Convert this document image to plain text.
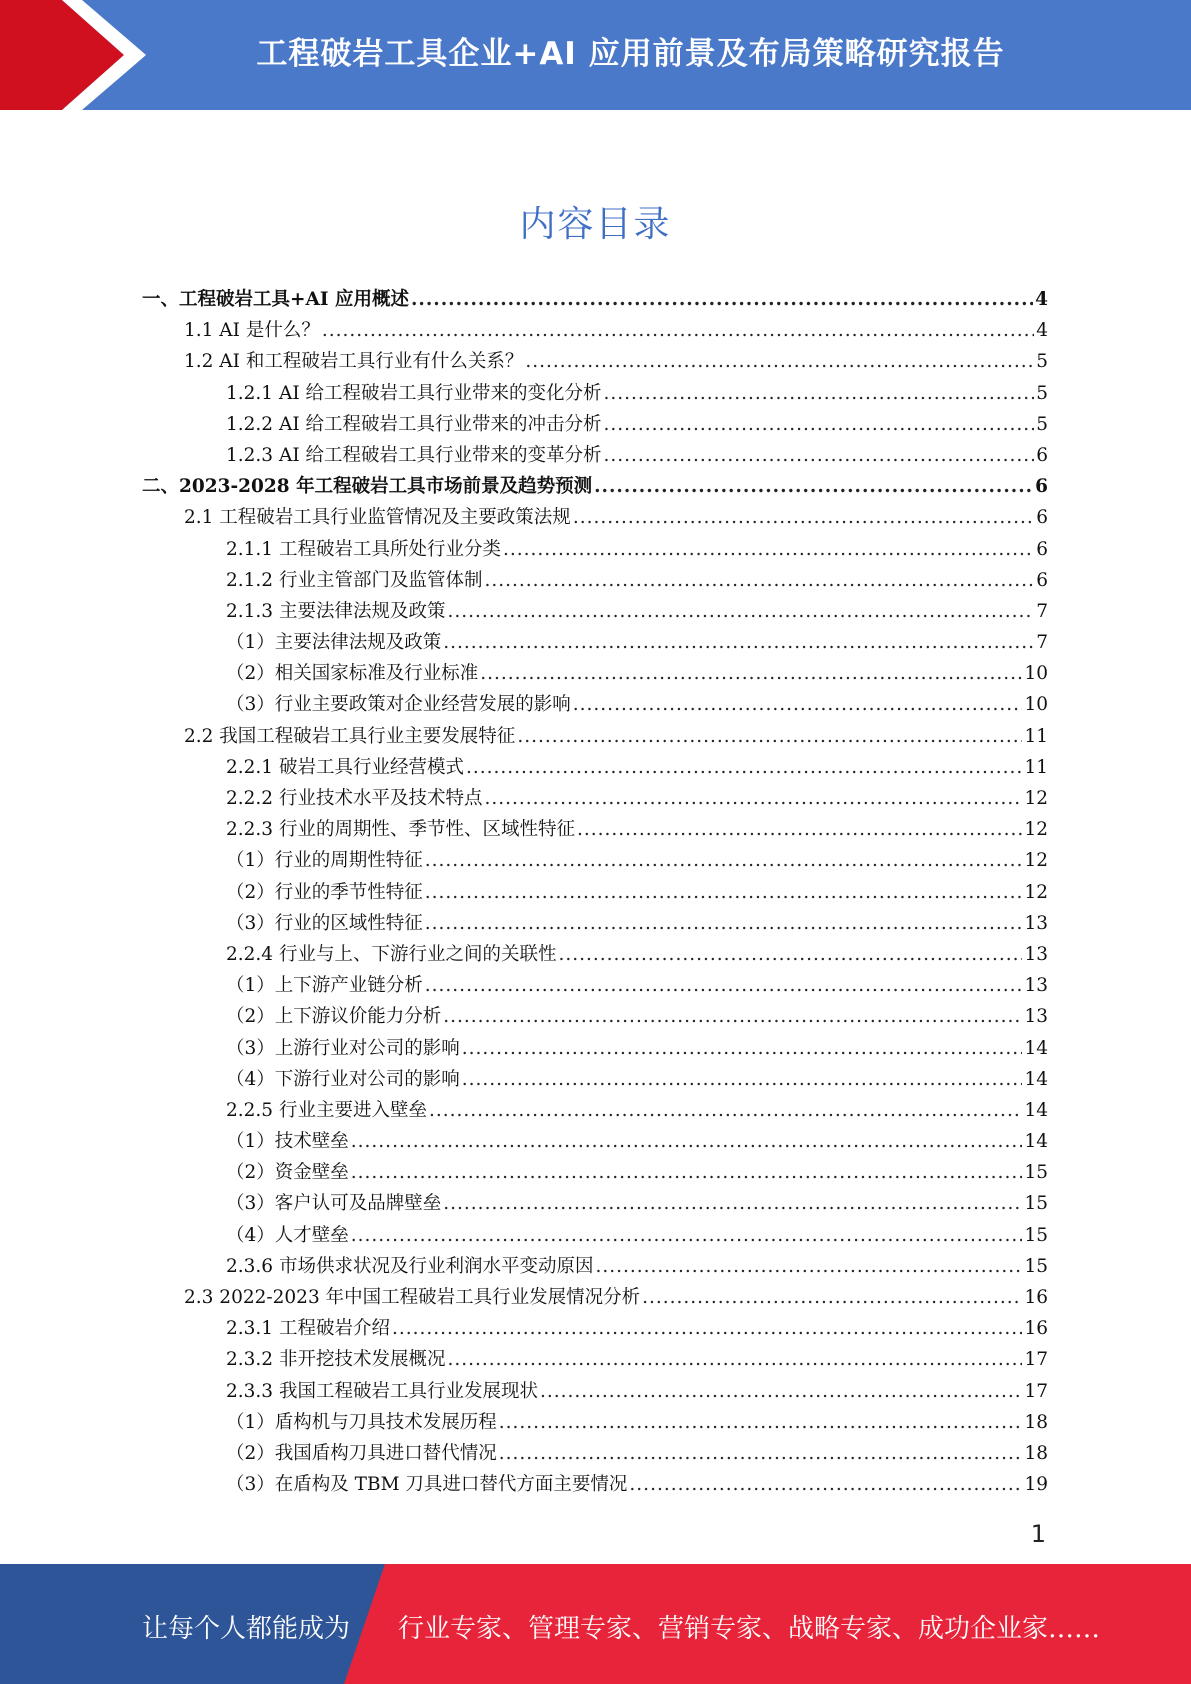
工程破岩工具企业+AI 应用前景及布局策略研究报告
内容目录
一、工程破岩工具+AI 应用概述 .....	4
1.1 AI 是什么？ .....	4
1.2 AI 和工程破岩工具行业有什么关系？ .....	5
1.2.1 AI 给工程破岩工具行业带来的变化分析 .....	5
1.2.2 AI 给工程破岩工具行业带来的冲击分析 .....	5
1.2.3 AI 给工程破岩工具行业带来的变革分析 .....	6
二、2023-2028 年工程破岩工具市场前景及趋势预测 .....	6
2.1 工程破岩工具行业监管情况及主要政策法规 .....	6
2.1.1 工程破岩工具所处行业分类 .....	6
2.1.2 行业主管部门及监管体制 .....	6
2.1.3 主要法律法规及政策 .....	7
（1）主要法律法规及政策 .....	7
（2）相关国家标准及行业标准 .....	10
（3）行业主要政策对企业经营发展的影响 .....	10
2.2 我国工程破岩工具行业主要发展特征 .....	11
2.2.1 破岩工具行业经营模式 .....	11
2.2.2 行业技术水平及技术特点 .....	12
2.2.3 行业的周期性、季节性、区域性特征 .....	12
（1）行业的周期性特征 .....	12
（2）行业的季节性特征 .....	12
（3）行业的区域性特征 .....	13
2.2.4 行业与上、下游行业之间的关联性 .....	13
（1）上下游产业链分析 .....	13
（2）上下游议价能力分析 .....	13
（3）上游行业对公司的影响 .....	14
（4）下游行业对公司的影响 .....	14
2.2.5 行业主要进入壁垒 .....	14
（1）技术壁垒 .....	14
（2）资金壁垒 .....	15
（3）客户认可及品牌壁垒 .....	15
（4）人才壁垒 .....	15
2.3.6 市场供求状况及行业利润水平变动原因 .....	15
2.3 2022-2023 年中国工程破岩工具行业发展情况分析 .....	16
2.3.1 工程破岩介绍 .....	16
2.3.2 非开挖技术发展概况 .....	17
2.3.3 我国工程破岩工具行业发展现状 .....	17
（1）盾构机与刀具技术发展历程 .....	18
（2）我国盾构刀具进口替代情况 .....	18
（3）在盾构及 TBM 刀具进口替代方面主要情况 .....	19
1
让每个人都能成为 行业专家、管理专家、营销专家、战略专家、成功企业家……
